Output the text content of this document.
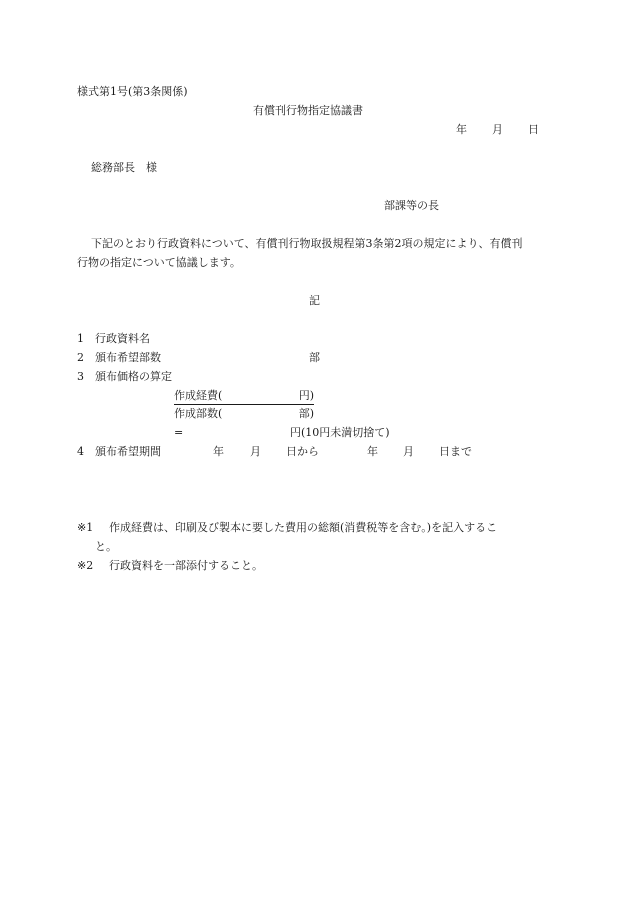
様式第1号(第3条関係)
有償刊行物指定協議書
年 月 日
総務部長　様
部課等の長
下記のとおり行政資料について、有償刊行物取扱規程第3条第2項の規定により、有償刊
行物の指定について協議します。
記
1 行政資料名
2 頒布希望部数	部
3 頒布価格の算定
作成経費(	円)
作成部数(	部)
=	円(10円未満切捨て)
4 頒布希望期間	年 月 日から	年 月 日まで
※1 作成経費は、印刷及び製本に要した費用の総額(消費税等を含む。)を記入するこ
と。
※2 行政資料を一部添付すること。
